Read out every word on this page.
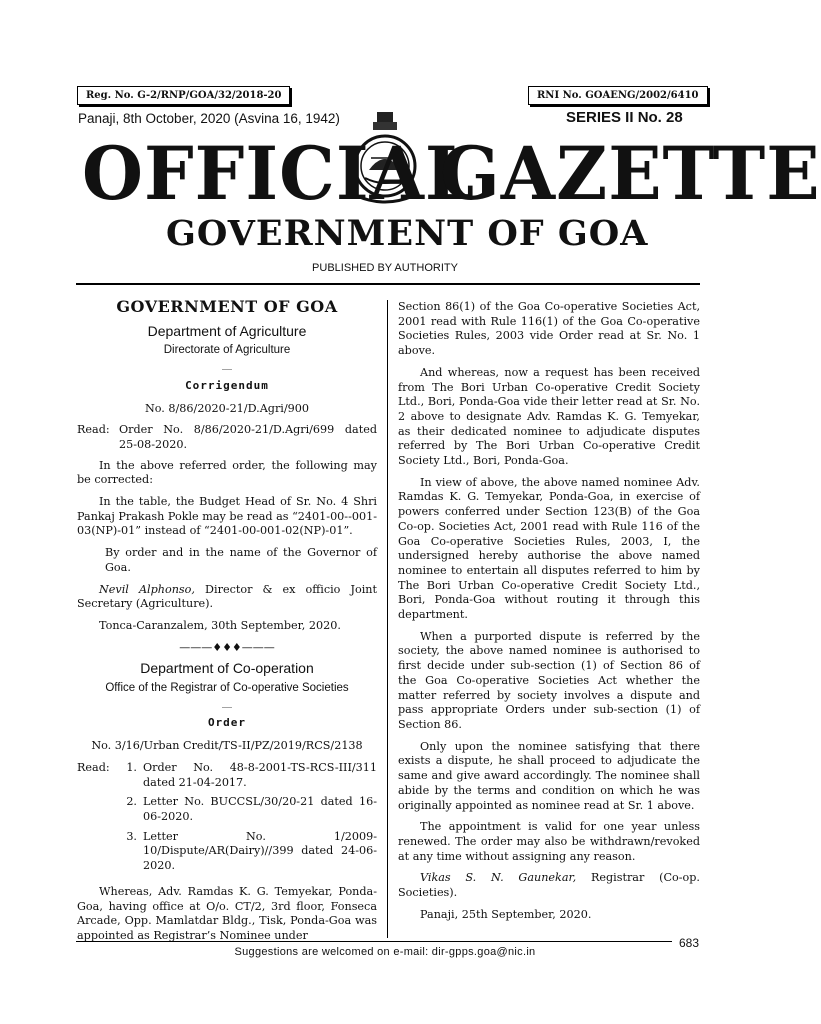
Reg. No. G-2/RNP/GOA/32/2018-20	RNI No. GOAENG/2002/6410
Panaji, 8th October, 2020 (Asvina 16, 1942)	SERIES II No. 28
OFFICIAL
GAZETTE
GOVERNMENT OF GOA
PUBLISHED BY AUTHORITY
GOVERNMENT OF GOA
Department of Agriculture
Directorate of Agriculture
__
Corrigendum

No. 8/86/2020-21/D.Agri/900

Read: Order No. 8/86/2020-21/D.Agri/699 dated 25-08-2020.

In the above referred order, the following may be corrected:

In the table, the Budget Head of Sr. No. 4 Shri Pankaj Prakash Pokle may be read as “2401-00--001-03(NP)-01” instead of “2401-00-001-02(NP)-01”.

By order and in the name of the Governor of Goa.

Nevil Alphonso, Director & ex officio Joint Secretary (Agriculture).

Tonca-Caranzalem, 30th September, 2020.

———♦♦♦———
Department of Co-operation
Office of the Registrar of Co-operative Societies
__
Order

No. 3/16/Urban Credit/TS-II/PZ/2019/RCS/2138

Read:	1. Order No. 48-8-2001-TS-RCS-III/311 dated 21-04-2017.
2. Letter No. BUCCSL/30/20-21 dated 16-06-2020.
3. Letter No. 1/2009-10/Dispute/AR(Dairy)//399 dated 24-06-2020.

Whereas, Adv. Ramdas K. G. Temyekar, Ponda-Goa, having office at O/o. CT/2, 3rd floor, Fonseca Arcade, Opp. Mamlatdar Bldg., Tisk, Ponda-Goa was appointed as Registrar’s Nominee under

Section 86(1) of the Goa Co-operative Societies Act, 2001 read with Rule 116(1) of the Goa Co-operative Societies Rules, 2003 vide Order read at Sr. No. 1 above.

And whereas, now a request has been received from The Bori Urban Co-operative Credit Society Ltd., Bori, Ponda-Goa vide their letter read at Sr. No. 2 above to designate Adv. Ramdas K. G. Temyekar, as their dedicated nominee to adjudicate disputes referred by The Bori Urban Co-operative Credit Society Ltd., Bori, Ponda-Goa.

In view of above, the above named nominee Adv. Ramdas K. G. Temyekar, Ponda-Goa, in exercise of powers conferred under Section 123(B) of the Goa Co-op. Societies Act, 2001 read with Rule 116 of the Goa Co-operative Societies Rules, 2003, I, the undersigned hereby authorise the above named nominee to entertain all disputes referred to him by The Bori Urban Co-operative Credit Society Ltd., Bori, Ponda-Goa without routing it through this department.

When a purported dispute is referred by the society, the above named nominee is authorised to first decide under sub-section (1) of Section 86 of the Goa Co-operative Societies Act whether the matter referred by society involves a dispute and pass appropriate Orders under sub-section (1) of Section 86.

Only upon the nominee satisfying that there exists a dispute, he shall proceed to adjudicate the same and give award accordingly. The nominee shall abide by the terms and condition on which he was originally appointed as nominee read at Sr. 1 above.

The appointment is valid for one year unless renewed. The order may also be withdrawn/revoked at any time without assigning any reason.

Vikas S. N. Gaunekar, Registrar (Co-op. Societies).

Panaji, 25th September, 2020.

683
Suggestions are welcomed on e-mail: dir-gpps.goa@nic.in
